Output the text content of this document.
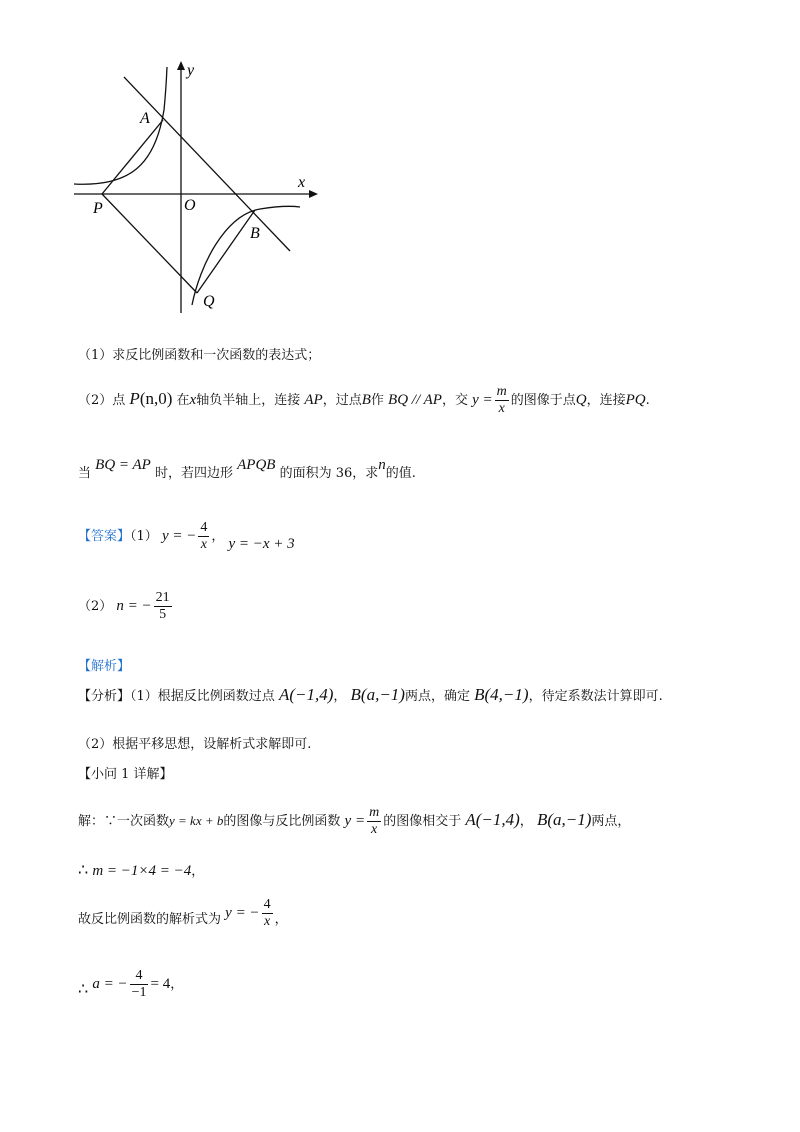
y
x
A
P	O
B
Q
（1）求反比例函数和一次函数的表达式；
（2）点 P(n,0) 在x轴负半轴上，连接 AP，过点B作 BQ // AP，交 $y = \frac{m}{x}$ 的图像于点Q，连接PQ.
当 BQ = AP 时，若四边形 APQB 的面积为 36，求n的值.
【答案】（1） y = − $\frac{4}{x}$ ， y = −x + 3
（2） n = − $\frac{21}{5}$
【解析】
【分析】（1）根据反比例函数过点 A(−1,4)， B(a,−1)两点，确定 B(4,−1)，待定系数法计算即可.
（2）根据平移思想，设解析式求解即可.
【小问 1 详解】
解：∵一次函数y = kx + b的图像与反比例函数 $y = \frac{m}{x}$ 的图像相交于 A(−1,4)， B(a,−1)两点，
∴ m = −1×4 = −4，
故反比例函数的解析式为 y = − $\frac{4}{x}$ ，
∴ a = − $\frac{4}{-1} = 4$，
